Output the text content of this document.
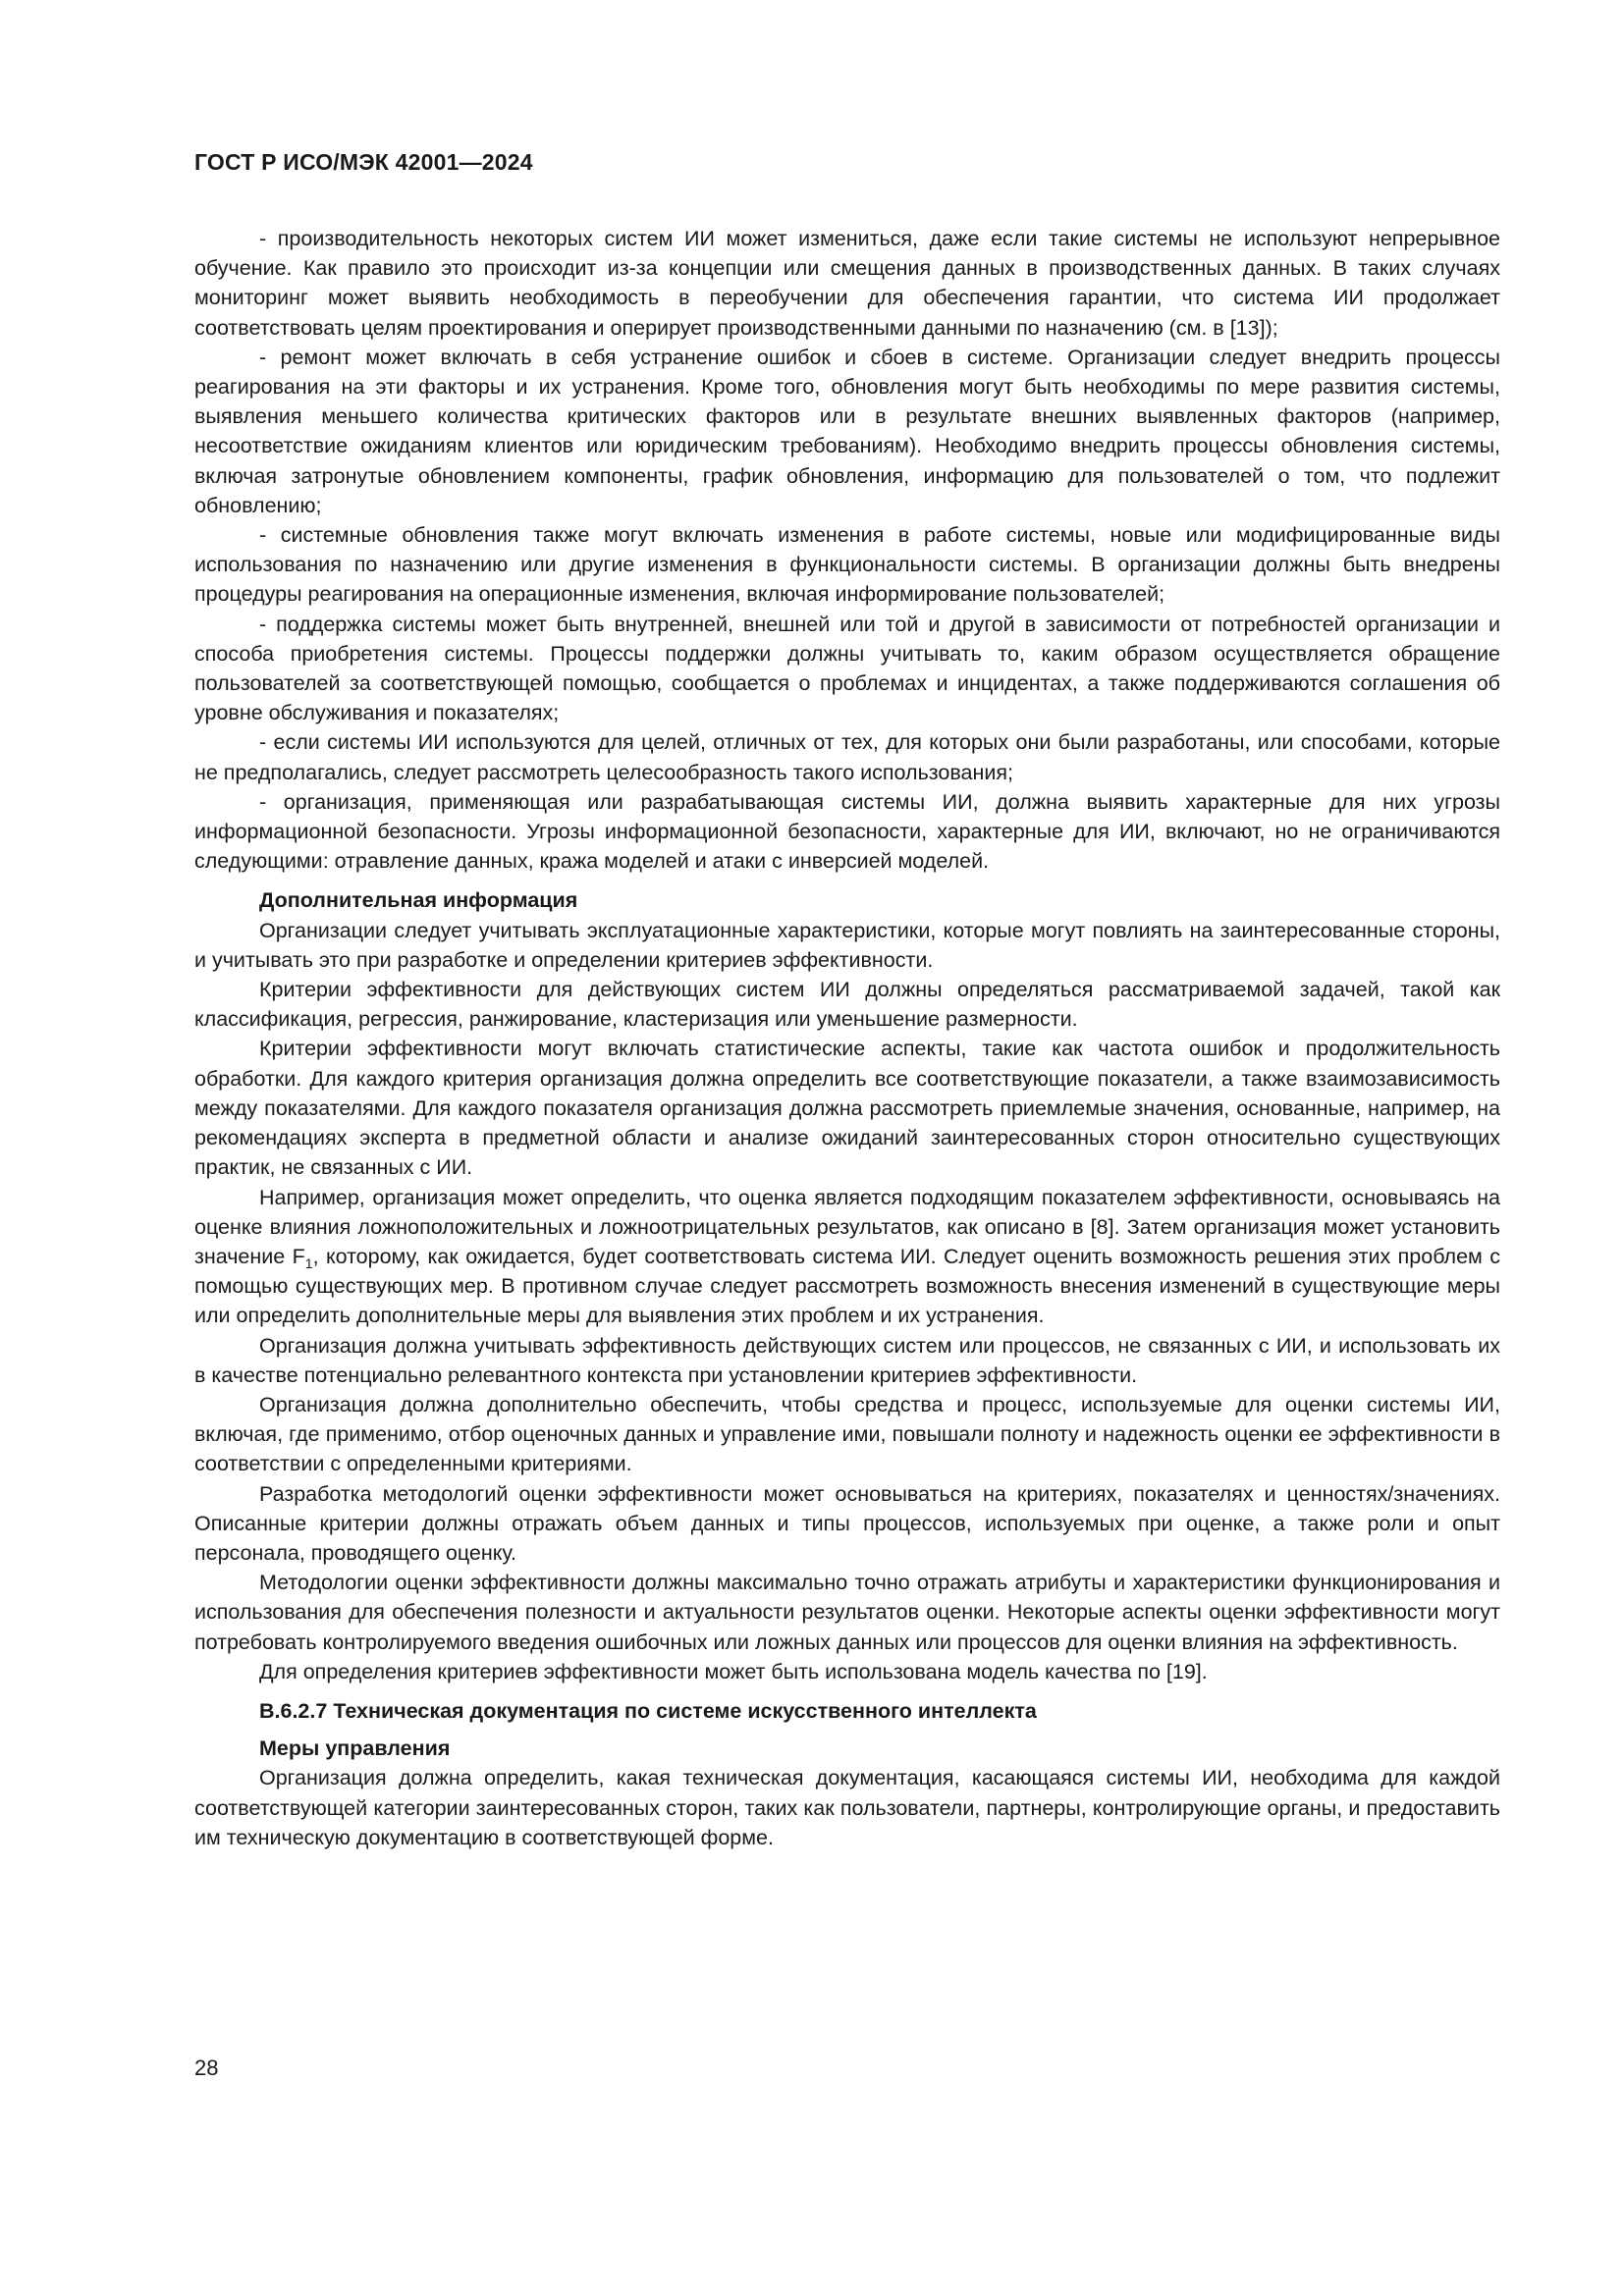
ГОСТ Р ИСО/МЭК 42001—2024

- производительность некоторых систем ИИ может измениться, даже если такие системы не используют непрерывное обучение. Как правило это происходит из-за концепции или смещения данных в производственных данных. В таких случаях мониторинг может выявить необходимость в переобучении для обеспечения гарантии, что система ИИ продолжает соответствовать целям проектирования и оперирует производственными данными по назначению (см. в [13]);

- ремонт может включать в себя устранение ошибок и сбоев в системе. Организации следует внедрить процессы реагирования на эти факторы и их устранения. Кроме того, обновления могут быть необходимы по мере развития системы, выявления меньшего количества критических факторов или в результате внешних выявленных факторов (например, несоответствие ожиданиям клиентов или юридическим требованиям). Необходимо внедрить процессы обновления системы, включая затронутые обновлением компоненты, график обновления, информацию для пользователей о том, что подлежит обновлению;

- системные обновления также могут включать изменения в работе системы, новые или модифицированные виды использования по назначению или другие изменения в функциональности системы. В организации должны быть внедрены процедуры реагирования на операционные изменения, включая информирование пользователей;

- поддержка системы может быть внутренней, внешней или той и другой в зависимости от потребностей организации и способа приобретения системы. Процессы поддержки должны учитывать то, каким образом осуществляется обращение пользователей за соответствующей помощью, сообщается о проблемах и инцидентах, а также поддерживаются соглашения об уровне обслуживания и показателях;

- если системы ИИ используются для целей, отличных от тех, для которых они были разработаны, или способами, которые не предполагались, следует рассмотреть целесообразность такого использования;

- организация, применяющая или разрабатывающая системы ИИ, должна выявить характерные для них угрозы информационной безопасности. Угрозы информационной безопасности, характерные для ИИ, включают, но не ограничиваются следующими: отравление данных, кража моделей и атаки с инверсией моделей.

Дополнительная информация

Организации следует учитывать эксплуатационные характеристики, которые могут повлиять на заинтересованные стороны, и учитывать это при разработке и определении критериев эффективности.

Критерии эффективности для действующих систем ИИ должны определяться рассматриваемой задачей, такой как классификация, регрессия, ранжирование, кластеризация или уменьшение размерности.

Критерии эффективности могут включать статистические аспекты, такие как частота ошибок и продолжительность обработки. Для каждого критерия организация должна определить все соответствующие показатели, а также взаимозависимость между показателями. Для каждого показателя организация должна рассмотреть приемлемые значения, основанные, например, на рекомендациях эксперта в предметной области и анализе ожиданий заинтересованных сторон относительно существующих практик, не связанных с ИИ.

Например, организация может определить, что оценка является подходящим показателем эффективности, основываясь на оценке влияния ложноположительных и ложноотрицательных результатов, как описано в [8]. Затем организация может установить значение $F_1$, которому, как ожидается, будет соответствовать система ИИ. Следует оценить возможность решения этих проблем с помощью существующих мер. В противном случае следует рассмотреть возможность внесения изменений в существующие меры или определить дополнительные меры для выявления этих проблем и их устранения.

Организация должна учитывать эффективность действующих систем или процессов, не связанных с ИИ, и использовать их в качестве потенциально релевантного контекста при установлении критериев эффективности.

Организация должна дополнительно обеспечить, чтобы средства и процесс, используемые для оценки системы ИИ, включая, где применимо, отбор оценочных данных и управление ими, повышали полноту и надежность оценки ее эффективности в соответствии с определенными критериями.

Разработка методологий оценки эффективности может основываться на критериях, показателях и ценностях/значениях. Описанные критерии должны отражать объем данных и типы процессов, используемых при оценке, а также роли и опыт персонала, проводящего оценку.

Методологии оценки эффективности должны максимально точно отражать атрибуты и характеристики функционирования и использования для обеспечения полезности и актуальности результатов оценки. Некоторые аспекты оценки эффективности могут потребовать контролируемого введения ошибочных или ложных данных или процессов для оценки влияния на эффективность.

Для определения критериев эффективности может быть использована модель качества по [19].

B.6.2.7 Техническая документация по системе искусственного интеллекта

Меры управления

Организация должна определить, какая техническая документация, касающаяся системы ИИ, необходима для каждой соответствующей категории заинтересованных сторон, таких как пользователи, партнеры, контролирующие органы, и предоставить им техническую документацию в соответствующей форме.

28
